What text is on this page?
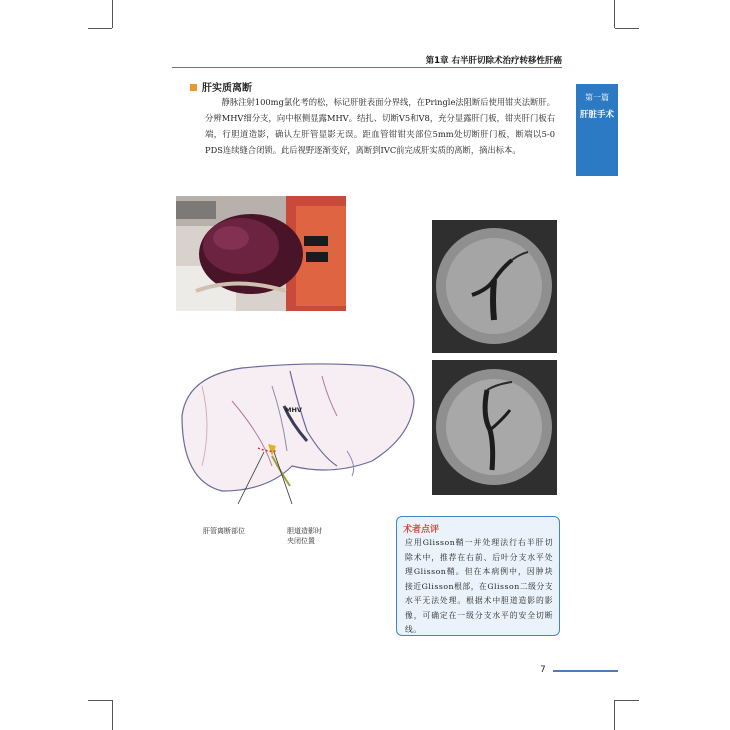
第1章 右半肝切除术治疗转移性肝癌
第一篇
肝脏手术
肝实质离断

静脉注射100mg氯化考的松，标记肝脏表面分界线，在Pringle法阻断后使用钳夹法断肝。分辨MHV细分支，向中枢侧显露MHV。结扎、切断V5和V8，充分显露肝门板，钳夹肝门板右端，行胆道造影，确认左肝管显影无误。距血管钳钳夹部位5mm处切断肝门板，断端以5-0 PDS连续缝合闭锁。此后视野逐渐变好，离断到IVC前完成肝实质的离断，摘出标本。

MHV
肝管离断部位	胆道造影时
夹闭位置
术者点评
应用Glisson鞘一并处理法行右半肝切除术中，推荐在右前、后叶分支水平处理Glisson鞘。但在本病例中，因肿块接近Glisson根部，在Glisson二级分支水平无法处理。根据术中胆道造影的影像，可确定在一级分支水平的安全切断线。
7
